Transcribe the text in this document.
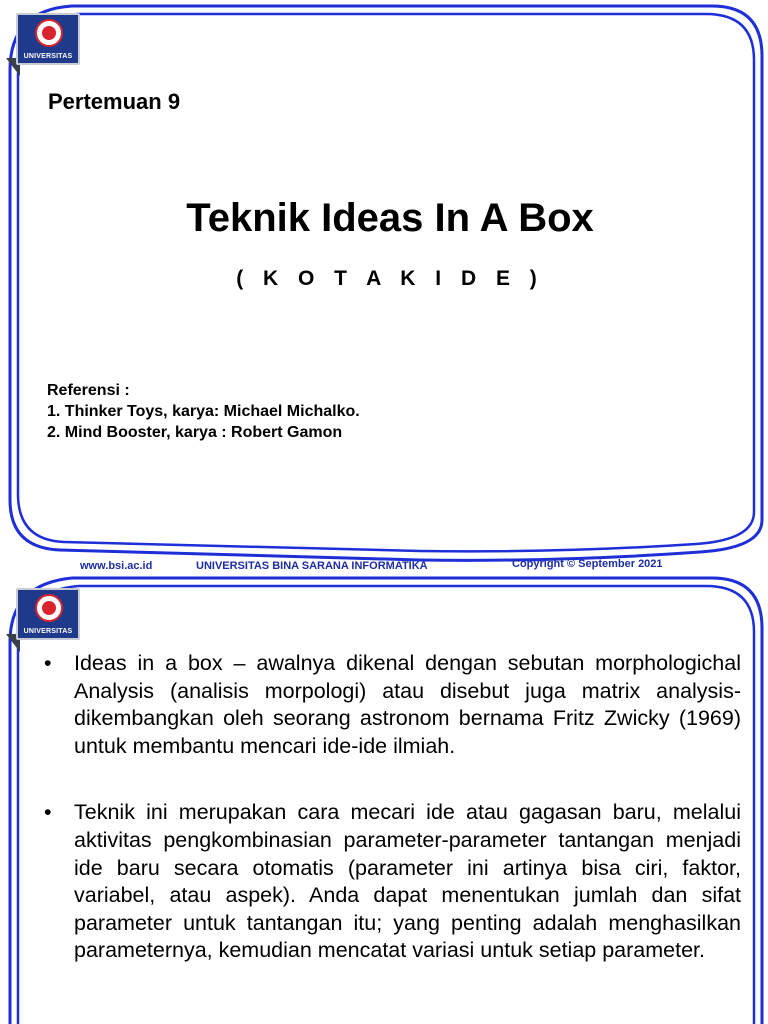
UNIVERSITAS
Pertemuan 9
Teknik Ideas In A Box
( K O T A K I D E )
Referensi :
1. Thinker Toys, karya: Michael Michalko.
2. Mind Booster, karya : Robert Gamon
www.bsi.ac.id	UNIVERSITAS BINA SARANA INFORMATIKA	Copyright © September 2021
UNIVERSITAS
• Ideas in a box – awalnya dikenal dengan sebutan morphologichal Analysis (analisis morpologi) atau disebut juga matrix analysis- dikembangkan oleh seorang astronom bernama Fritz Zwicky (1969) untuk membantu mencari ide-ide ilmiah.
• Teknik ini merupakan cara mecari ide atau gagasan baru, melalui aktivitas pengkombinasian parameter-parameter tantangan menjadi ide baru secara otomatis (parameter ini artinya bisa ciri, faktor, variabel, atau aspek). Anda dapat menentukan jumlah dan sifat parameter untuk tantangan itu; yang penting adalah menghasilkan parameternya, kemudian mencatat variasi untuk setiap parameter.
